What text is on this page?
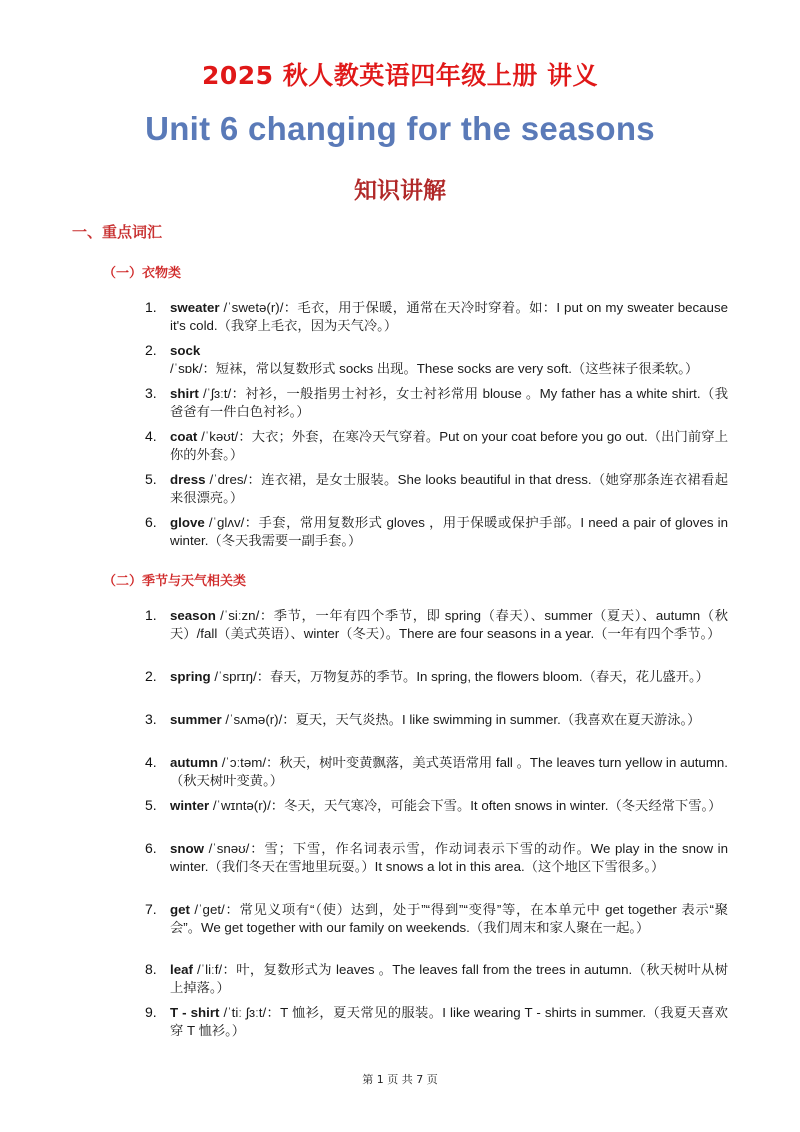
2025 秋人教英语四年级上册 讲义
Unit 6 changing for the seasons
知识讲解
一、重点词汇
（一）衣物类
1.	sweater /ˈswetə(r)/：毛衣，用于保暖，通常在天冷时穿着。如：I put on my sweater because it's cold.（我穿上毛衣，因为天气冷。）
2.	sock /ˈsɒk/：短袜，常以复数形式 socks 出现。These socks are very soft.（这些袜子很柔软。）
3.	shirt /ˈʃɜːt/：衬衫，一般指男士衬衫，女士衬衫常用 blouse 。My father has a white shirt.（我爸爸有一件白色衬衫。）
4.	coat /ˈkəʊt/：大衣；外套，在寒冷天气穿着。Put on your coat before you go out.（出门前穿上你的外套。）
5.	dress /ˈdres/：连衣裙，是女士服装。She looks beautiful in that dress.（她穿那条连衣裙看起来很漂亮。）
6.	glove /ˈɡlʌv/：手套，常用复数形式 gloves ，用于保暖或保护手部。I need a pair of gloves in winter.（冬天我需要一副手套。）
（二）季节与天气相关类
1.	season /ˈsiːzn/：季节，一年有四个季节，即 spring（春天）、summer（夏天）、autumn（秋天）/fall（美式英语）、winter（冬天）。There are four seasons in a year.（一年有四个季节。）
2.	spring /ˈsprɪŋ/：春天，万物复苏的季节。In spring, the flowers bloom.（春天，花儿盛开。）
3.	summer /ˈsʌmə(r)/：夏天，天气炎热。I like swimming in summer.（我喜欢在夏天游泳。）
4.	autumn /ˈɔːtəm/：秋天，树叶变黄飘落，美式英语常用 fall 。The leaves turn yellow in autumn.（秋天树叶变黄。）
5.	winter /ˈwɪntə(r)/：冬天，天气寒冷，可能会下雪。It often snows in winter.（冬天经常下雪。）
6.	snow /ˈsnəʊ/：雪；下雪，作名词表示雪，作动词表示下雪的动作。We play in the snow in winter.（我们冬天在雪地里玩耍。）It snows a lot in this area.（这个地区下雪很多。）
7.	get /ˈɡet/：常见义项有“（使）达到，处于”“得到”“变得”等，在本单元中 get together 表示“聚会”。We get together with our family on weekends.（我们周末和家人聚在一起。）
8.	leaf /ˈliːf/：叶，复数形式为 leaves 。The leaves fall from the trees in autumn.（秋天树叶从树上掉落。）
9.	T - shirt /ˈtiː ʃɜːt/：T 恤衫，夏天常见的服装。I like wearing T - shirts in summer.（我夏天喜欢穿 T 恤衫。）
第 1 页 共 7 页
